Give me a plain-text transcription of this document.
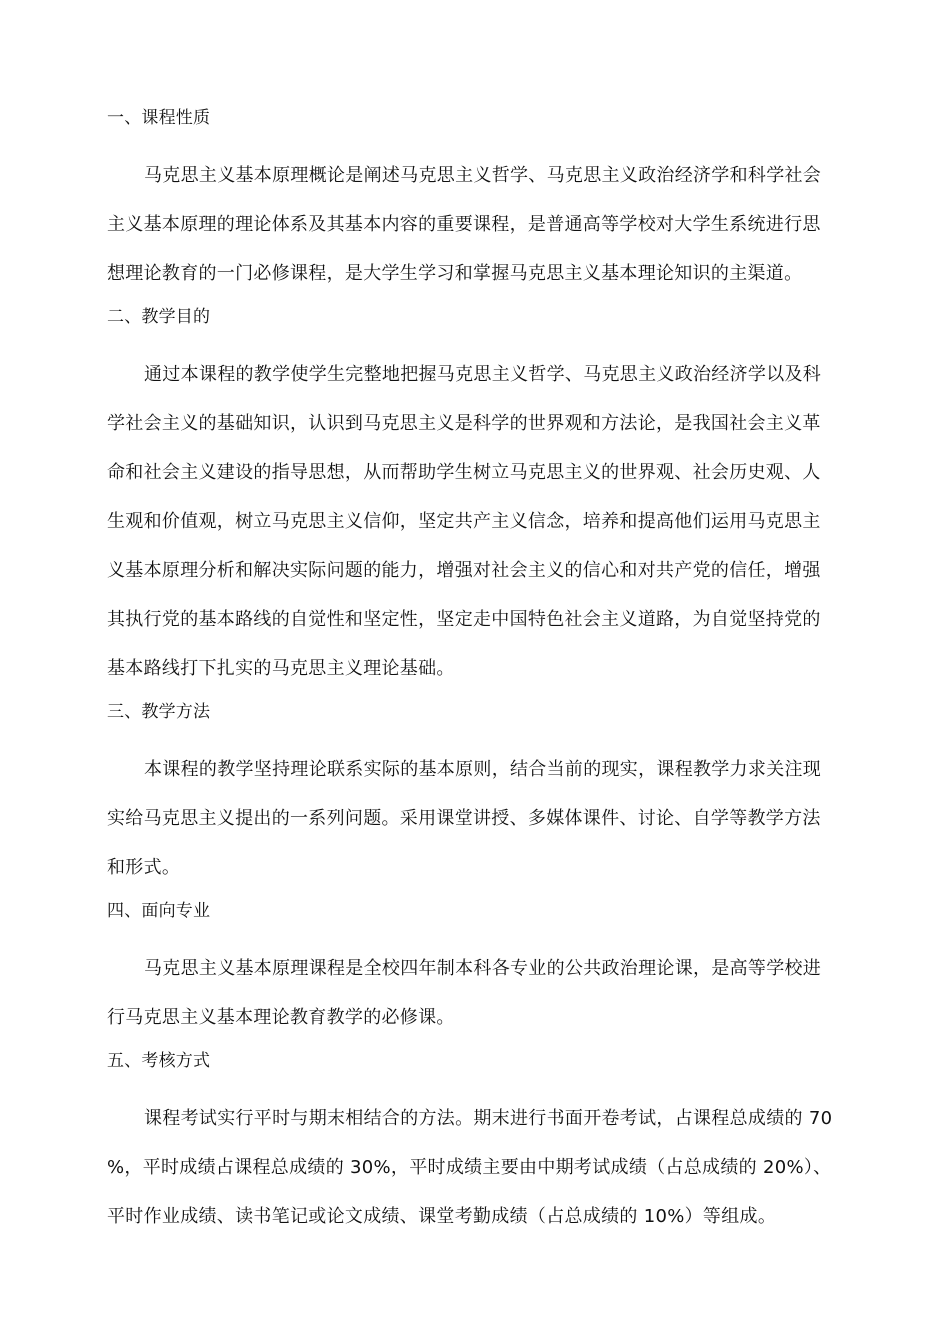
一、课程性质
马克思主义基本原理概论是阐述马克思主义哲学、马克思主义政治经济学和科学社会
主义基本原理的理论体系及其基本内容的重要课程，是普通高等学校对大学生系统进行思
想理论教育的一门必修课程，是大学生学习和掌握马克思主义基本理论知识的主渠道。
二、教学目的
通过本课程的教学使学生完整地把握马克思主义哲学、马克思主义政治经济学以及科
学社会主义的基础知识，认识到马克思主义是科学的世界观和方法论，是我国社会主义革
命和社会主义建设的指导思想，从而帮助学生树立马克思主义的世界观、社会历史观、人
生观和价值观，树立马克思主义信仰，坚定共产主义信念，培养和提高他们运用马克思主
义基本原理分析和解决实际问题的能力，增强对社会主义的信心和对共产党的信任，增强
其执行党的基本路线的自觉性和坚定性，坚定走中国特色社会主义道路，为自觉坚持党的
基本路线打下扎实的马克思主义理论基础。
三、教学方法
本课程的教学坚持理论联系实际的基本原则，结合当前的现实，课程教学力求关注现
实给马克思主义提出的一系列问题。采用课堂讲授、多媒体课件、讨论、自学等教学方法
和形式。
四、面向专业
马克思主义基本原理课程是全校四年制本科各专业的公共政治理论课，是高等学校进
行马克思主义基本理论教育教学的必修课。
五、考核方式
课程考试实行平时与期末相结合的方法。期末进行书面开卷考试，占课程总成绩的 70
%，平时成绩占课程总成绩的 30%，平时成绩主要由中期考试成绩（占总成绩的 20%）、
平时作业成绩、读书笔记或论文成绩、课堂考勤成绩（占总成绩的 10%）等组成。
